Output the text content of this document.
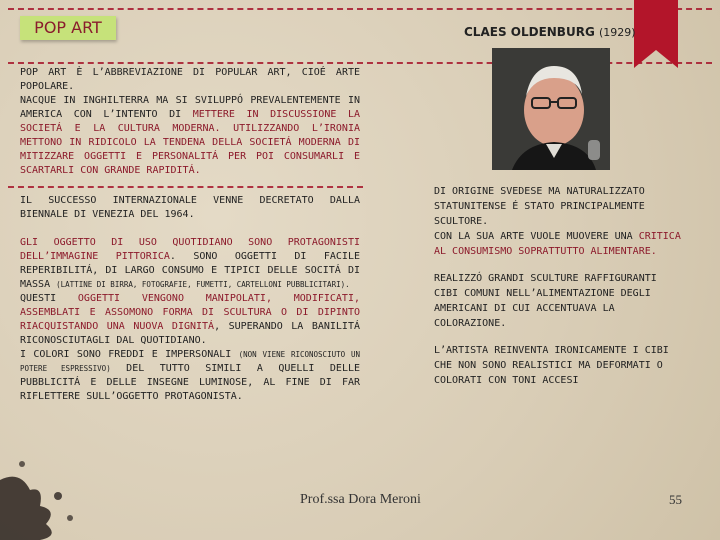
POP ART	CLAES OLDENBURG (1929)

POP ART È L’ABBREVIAZIONE DI POPULAR ART, CIOÉ ARTE POPOLARE.

NACQUE IN INGHILTERRA MA SI SVILUPPÓ PREVALENTEMENTE IN AMERICA CON L’INTENTO DI METTERE IN DISCUSSIONE LA SOCIETÁ E LA CULTURA MODERNA. UTILIZZANDO L’IRONIA METTONO IN RIDICOLO LA TENDENA DELLA SOCIETÁ MODERNA DI MITIZZARE OGGETTI E PERSONALITÁ PER POI CONSUMARLI E SCARTARLI CON GRANDE RAPIDITÁ.

IL SUCCESSO INTERNAZIONALE VENNE DECRETATO DALLA BIENNALE DI VENEZIA DEL 1964.

GLI OGGETTO DI USO QUOTIDIANO SONO PROTAGONISTI DELL’IMMAGINE PITTORICA. SONO OGGETTI DI FACILE REPERIBILITÁ, DI LARGO CONSUMO E TIPICI DELLE SOCITÁ DI MASSA (LATTINE DI BIRRA, FOTOGRAFIE, FUMETTI, CARTELLONI PUBBLICITARI).

QUESTI OGGETTI VENGONO MANIPOLATI, MODIFICATI, ASSEMBLATI E ASSOMONO FORMA DI SCULTURA O DI DIPINTO RIACQUISTANDO UNA NUOVA DIGNITÁ, SUPERANDO LA BANILITÁ RICONOSCIUTAGLI DAL QUOTIDIANO.

I COLORI SONO FREDDI E IMPERSONALI (NON VIENE RICONOSCIUTO UN POTERE ESPRESSIVO) DEL TUTTO SIMILI A QUELLI DELLE PUBBLICITÁ E DELLE INSEGNE LUMINOSE, AL FINE DI FAR RIFLETTERE SULL’OGGETTO PROTAGONISTA.

DI ORIGINE SVEDESE MA NATURALIZZATO STATUNITENSE É STATO PRINCIPALMENTE SCULTORE.

CON LA SUA ARTE VUOLE MUOVERE UNA CRITICA AL CONSUMISMO SOPRATTUTTO ALIMENTARE.

REALIZZÓ GRANDI SCULTURE RAFFIGURANTI CIBI COMUNI NELL’ALIMENTAZIONE DEGLI AMERICANI DI CUI ACCENTUAVA LA COLORAZIONE.

L’ARTISTA REINVENTA IRONICAMENTE I CIBI CHE NON SONO REALISTICI MA DEFORMATI O COLORATI CON TONI ACCESI

Prof.ssa Dora Meroni	55
